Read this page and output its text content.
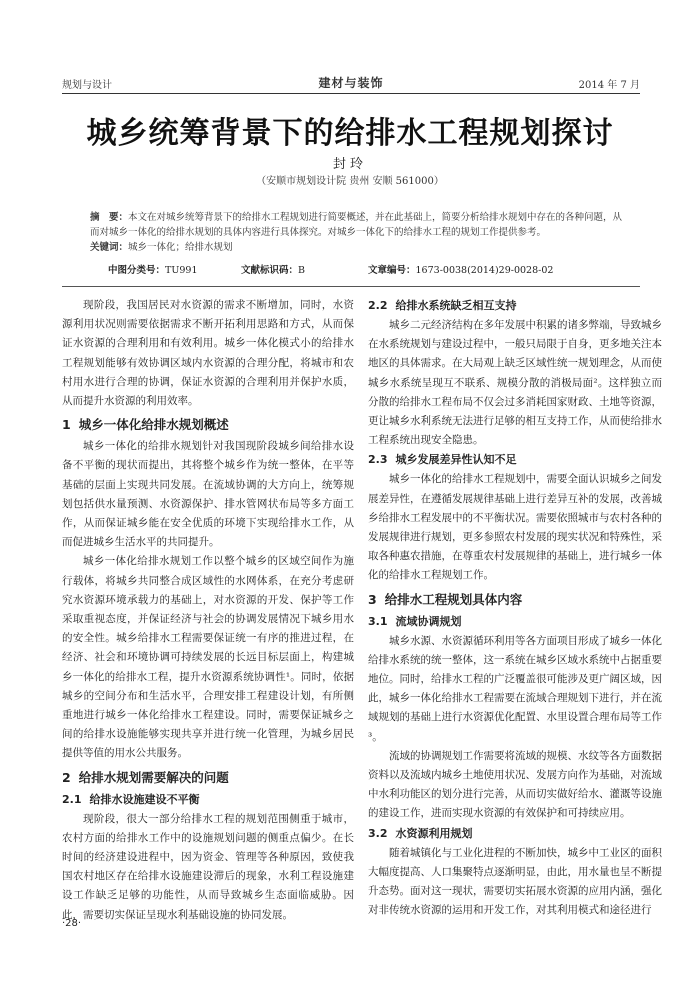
规划与设计	建材与装饰	2014 年 7 月
城乡统筹背景下的给排水工程规划探讨
封玲
（安顺市规划设计院 贵州 安顺 561000）
摘　要：本文在对城乡统筹背景下的给排水工程规划进行简要概述，并在此基础上，简要分析给排水规划中存在的各种问题，从而对城乡一体化的给排水规划的具体内容进行具体探究。对城乡一体化下的给排水工程的规划工作提供参考。
关键词：城乡一体化；给排水规划
中图分类号：TU991	文献标识码：B	文章编号：1673-0038(2014)29-0028-02

现阶段，我国居民对水资源的需求不断增加，同时，水资源利用状况则需要依据需求不断开拓利用思路和方式，从而保证水资源的合理利用和有效利用。城乡一体化模式小的给排水工程规划能够有效协调区域内水资源的合理分配，将城市和农村用水进行合理的协调，保证水资源的合理利用并保护水质，从而提升水资源的利用效率。

1 城乡一体化给排水规划概述

城乡一体化的给排水规划针对我国现阶段城乡间给排水设备不平衡的现状而提出，其将整个城乡作为统一整体，在平等基础的层面上实现共同发展。在流域协调的大方向上，统筹规划包括供水量预测、水资源保护、排水管网状布局等多方面工作，从而保证城乡能在安全优质的环境下实现给排水工作，从而促进城乡生活水平的共同提升。

城乡一体化给排水规划工作以整个城乡的区域空间作为施行载体，将城乡共同整合成区域性的水网体系，在充分考虑研究水资源环境承载力的基础上，对水资源的开发、保护等工作采取重视态度，并保证经济与社会的协调发展情况下城乡用水的安全性。城乡给排水工程需要保证统一有序的推进过程，在经济、社会和环境协调可持续发展的长远目标层面上，构建城乡一体化的给排水工程，提升水资源系统协调性¹。同时，依据城乡的空间分布和生活水平，合理安排工程建设计划，有所侧重地进行城乡一体化给排水工程建设。同时，需要保证城乡之间的给排水设施能够实现共享并进行统一化管理，为城乡居民提供等值的用水公共服务。

2 给排水规划需要解决的问题
2.1 给排水设施建设不平衡

现阶段，很大一部分给排水工程的规划范围侧重于城市，农村方面的给排水工作中的设施规划问题的侧重点偏少。在长时间的经济建设进程中，因为资金、管理等各种原因，致使我国农村地区存在给排水设施建设滞后的现象，水利工程设施建设工作缺乏足够的功能性，从而导致城乡生态面临威胁。因此，需要切实保证呈现水利基础设施的协同发展。

2.2 给排水系统缺乏相互支持

城乡二元经济结构在多年发展中积累的诸多弊端，导致城乡在水系统规划与建设过程中，一般只局限于自身，更多地关注本地区的具体需求。在大局观上缺乏区域性统一规划理念，从而使城乡水系统呈现互不联系、规模分散的消极局面²。这样独立而分散的给排水工程布局不仅会过多消耗国家财政、土地等资源，更让城乡水利系统无法进行足够的相互支持工作，从而使给排水工程系统出现安全隐患。

2.3 城乡发展差异性认知不足

城乡一体化的给排水工程规划中，需要全面认识城乡之间发展差异性，在遵循发展规律基础上进行差异互补的发展，改善城乡给排水工程发展中的不平衡状况。需要依照城市与农村各种的发展规律进行规划，更多参照农村发展的现实状况和特殊性，采取各种惠农措施，在尊重农村发展规律的基础上，进行城乡一体化的给排水工程规划工作。

3 给排水工程规划具体内容
3.1 流域协调规划

城乡水源、水资源循环利用等各方面项目形成了城乡一体化给排水系统的统一整体，这一系统在城乡区域水系统中占据重要地位。同时，给排水工程的广泛覆盖很可能涉及更广阔区域，因此，城乡一体化给排水工程需要在流域合理规划下进行，并在流域规划的基础上进行水资源优化配置、水里设置合理布局等工作³。

流域的协调规划工作需要将流域的规模、水纹等各方面数据资料以及流域内城乡土地使用状况、发展方向作为基础，对流域中水利功能区的划分进行完善，从而切实做好给水、灌溉等设施的建设工作，进而实现水资源的有效保护和可持续应用。

3.2 水资源利用规划

随着城镇化与工业化进程的不断加快，城乡中工业区的面积大幅度提高、人口集聚特点逐渐明显，由此，用水量也呈不断提升态势。面对这一现状，需要切实拓展水资源的应用内涵，强化对非传统水资源的运用和开发工作，对其利用模式和途径进行

·28·
